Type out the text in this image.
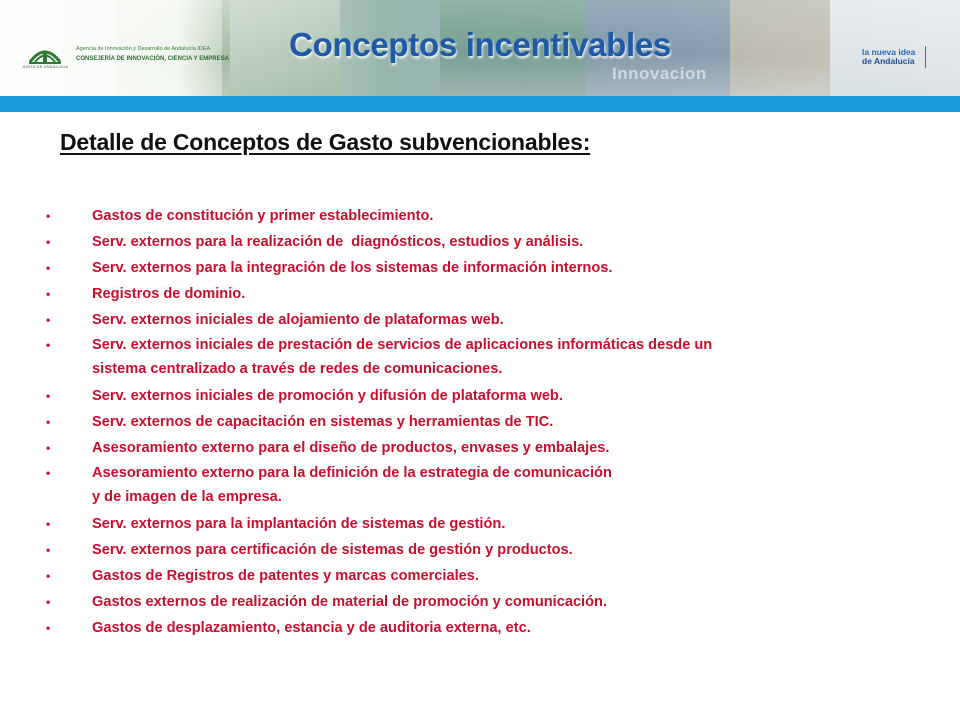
JUNTA DE ANDALUCIA
Agencia de Innovación y Desarrollo de Andalucía IDEA
CONSEJERÍA DE INNOVACIÓN, CIENCIA Y EMPRESA
Innovacion
Conceptos incentivables	la nueva idea
de Andalucía
Detalle de Conceptos de Gasto subvencionables:
•	Gastos de constitución y primer establecimiento.
•	Serv. externos para la realización de  diagnósticos, estudios y análisis.
•	Serv. externos para la integración de los sistemas de información internos.
•	Registros de dominio.
•	Serv. externos iniciales de alojamiento de plataformas web.
•	Serv. externos iniciales de prestación de servicios de aplicaciones informáticas desde un
sistema centralizado a través de redes de comunicaciones.
•	Serv. externos iniciales de promoción y difusión de plataforma web.
•	Serv. externos de capacitación en sistemas y herramientas de TIC.
•	Asesoramiento externo para el diseño de productos, envases y embalajes.
•	Asesoramiento externo para la definición de la estrategia de comunicación
y de imagen de la empresa.
•	Serv. externos para la implantación de sistemas de gestión.
•	Serv. externos para certificación de sistemas de gestión y productos.
•	Gastos de Registros de patentes y marcas comerciales.
•	Gastos externos de realización de material de promoción y comunicación.
•	Gastos de desplazamiento, estancia y de auditoria externa, etc.
